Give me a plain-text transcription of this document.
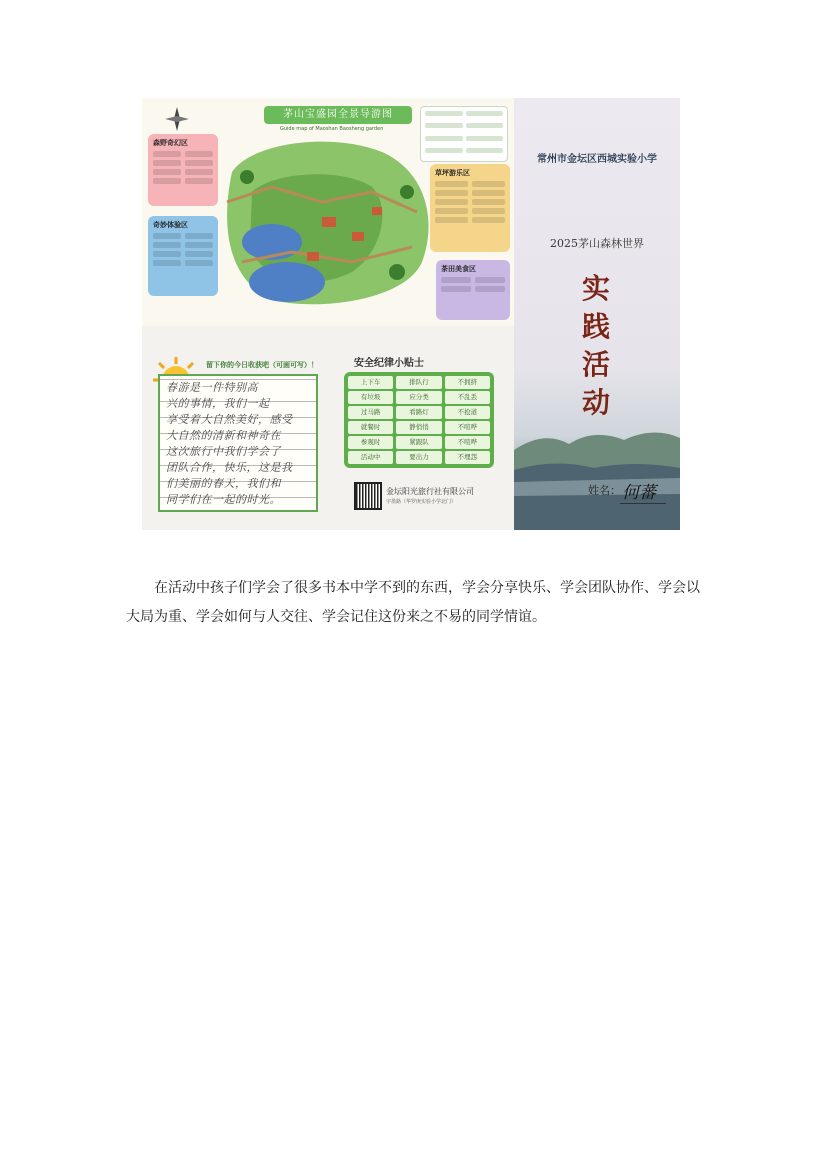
茅山宝盛园全景导游图
Guide map of Maoshan Baosheng garden
森野奇幻区
奇妙体验区
草坪游乐区
茶田美食区
留下你的今日收获吧（可画可写）！
春游是一件特别高
兴的事情，我们一起
享受着大自然美好，感受
大自然的清新和神奇在
这次旅行中我们学会了
团队合作，快乐，这是我
们美丽的春天，我们和
同学们在一起的时光。
安全纪律小贴士
上下车	排队行	不拥挤
有垃圾	应分类	不乱丢
过马路	看路灯	不抢道
就餐时	静悄悄	不喧哗
参观时	紧跟队	不喧哗
活动中	要出力	不埋怨
金坛阳光旅行社有限公司
宇墨路（华罗庚实验小学北门）
常州市金坛区西城实验小学
2025茅山森林世界
实践活动
姓名： 何蕃

在活动中孩子们学会了很多书本中学不到的东西，学会分享快乐、学会团队协作、学会以大局为重、学会如何与人交往、学会记住这份来之不易的同学情谊。
